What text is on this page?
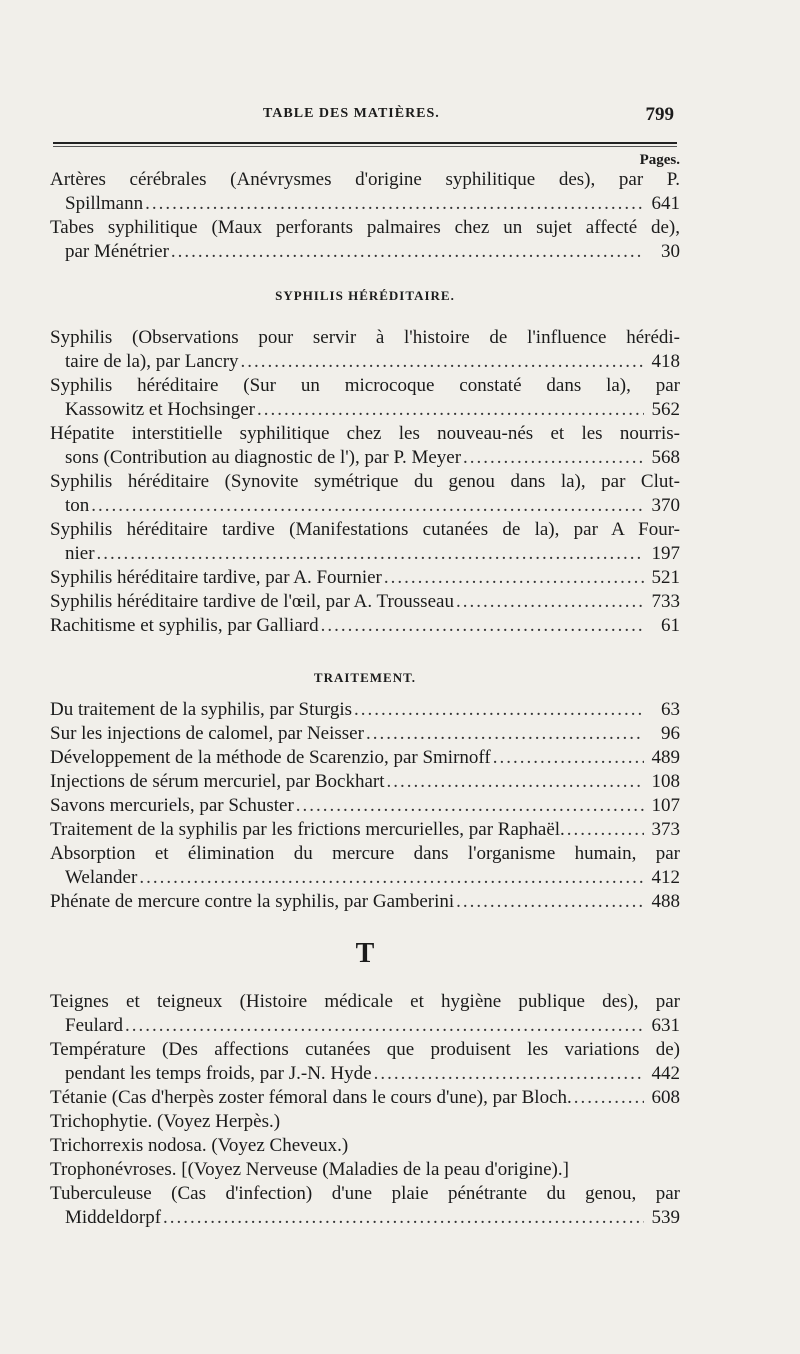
TABLE DES MATIÈRES.	799
Pages.
Artères cérébrales (Anévrysmes d'origine syphilitique des), par P.
Spillmann .....	641
Tabes syphilitique (Maux perforants palmaires chez un sujet affecté de),
par Ménétrier .....	30
SYPHILIS HÉRÉDITAIRE.
Syphilis (Observations pour servir à l'histoire de l'influence hérédi-
taire de la), par Lancry .....	418
Syphilis héréditaire (Sur un microcoque constaté dans la), par
Kassowitz et Hochsinger .....	562
Hépatite interstitielle syphilitique chez les nouveau-nés et les nourris-
sons (Contribution au diagnostic de l'), par P. Meyer .....	568
Syphilis héréditaire (Synovite symétrique du genou dans la), par Clut-
ton .....	370
Syphilis héréditaire tardive (Manifestations cutanées de la), par A Four-
nier .....	197
Syphilis héréditaire tardive, par A. Fournier .....	521
Syphilis héréditaire tardive de l'œil, par A. Trousseau .....	733
Rachitisme et syphilis, par Galliard .....	61
TRAITEMENT.
Du traitement de la syphilis, par Sturgis .....	63
Sur les injections de calomel, par Neisser .....	96
Développement de la méthode de Scarenzio, par Smirnoff .....	489
Injections de sérum mercuriel, par Bockhart .....	108
Savons mercuriels, par Schuster .....	107
Traitement de la syphilis par les frictions mercurielles, par Raphaël. .....	373
Absorption et élimination du mercure dans l'organisme humain, par
Welander .....	412
Phénate de mercure contre la syphilis, par Gamberini .....	488
T
Teignes et teigneux (Histoire médicale et hygiène publique des), par
Feulard .....	631
Température (Des affections cutanées que produisent les variations de)
pendant les temps froids, par J.-N. Hyde .....	442
Tétanie (Cas d'herpès zoster fémoral dans le cours d'une), par Bloch. .....	608
Trichophytie. (Voyez Herpès.)
Trichorrexis nodosa. (Voyez Cheveux.)
Trophonévroses. [(Voyez Nerveuse (Maladies de la peau d'origine).]
Tuberculeuse (Cas d'infection) d'une plaie pénétrante du genou, par
Middeldorpf .....	539
